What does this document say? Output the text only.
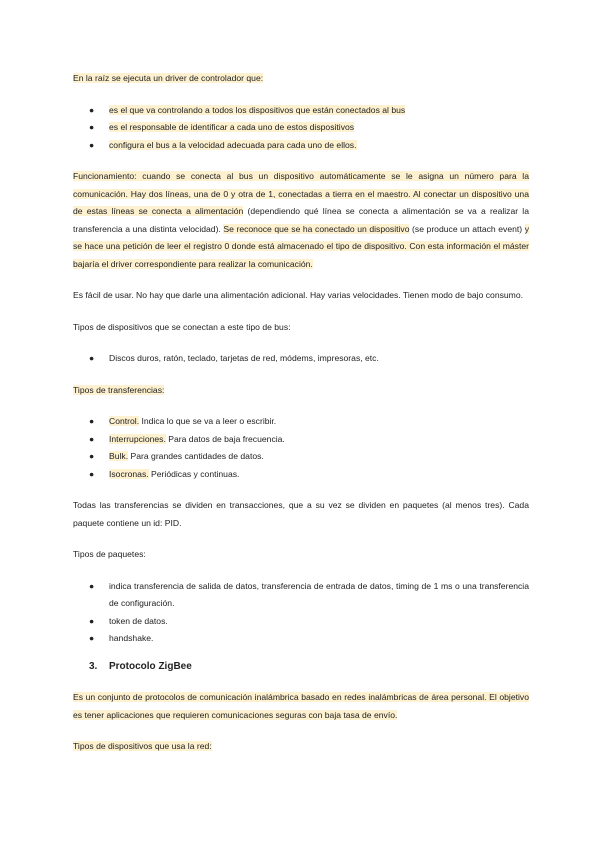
En la raíz se ejecuta un driver de controlador que:

● es el que va controlando a todos los dispositivos que están conectados al bus
● es el responsable de identificar a cada uno de estos dispositivos
● configura el bus a la velocidad adecuada para cada uno de ellos.

Funcionamiento: cuando se conecta al bus un dispositivo automáticamente se le asigna un número para la comunicación. Hay dos líneas, una de 0 y otra de 1, conectadas a tierra en el maestro. Al conectar un dispositivo una de estas líneas se conecta a alimentación (dependiendo qué línea se conecta a alimentación se va a realizar la transferencia a una distinta velocidad). Se reconoce que se ha conectado un dispositivo (se produce un attach event) y se hace una petición de leer el registro 0 donde está almacenado el tipo de dispositivo. Con esta información el máster bajaría el driver correspondiente para realizar la comunicación.

Es fácil de usar. No hay que darle una alimentación adicional. Hay varias velocidades. Tienen modo de bajo consumo.

Tipos de dispositivos que se conectan a este tipo de bus:

● Discos duros, ratón, teclado, tarjetas de red, módems, impresoras, etc.

Tipos de transferencias:

● Control. Indica lo que se va a leer o escribir.
● Interrupciones. Para datos de baja frecuencia.
● Bulk. Para grandes cantidades de datos.
● Isocronas. Periódicas y continuas.

Todas las transferencias se dividen en transacciones, que a su vez se dividen en paquetes (al menos tres). Cada paquete contiene un id: PID.

Tipos de paquetes:

● indica transferencia de salida de datos, transferencia de entrada de datos, timing de 1 ms o una transferencia de configuración.
● token de datos.
● handshake.
3. Protocolo ZigBee

Es un conjunto de protocolos de comunicación inalámbrica basado en redes inalámbricas de área personal. El objetivo es tener aplicaciones que requieren comunicaciones seguras con baja tasa de envío.

Tipos de dispositivos que usa la red:
